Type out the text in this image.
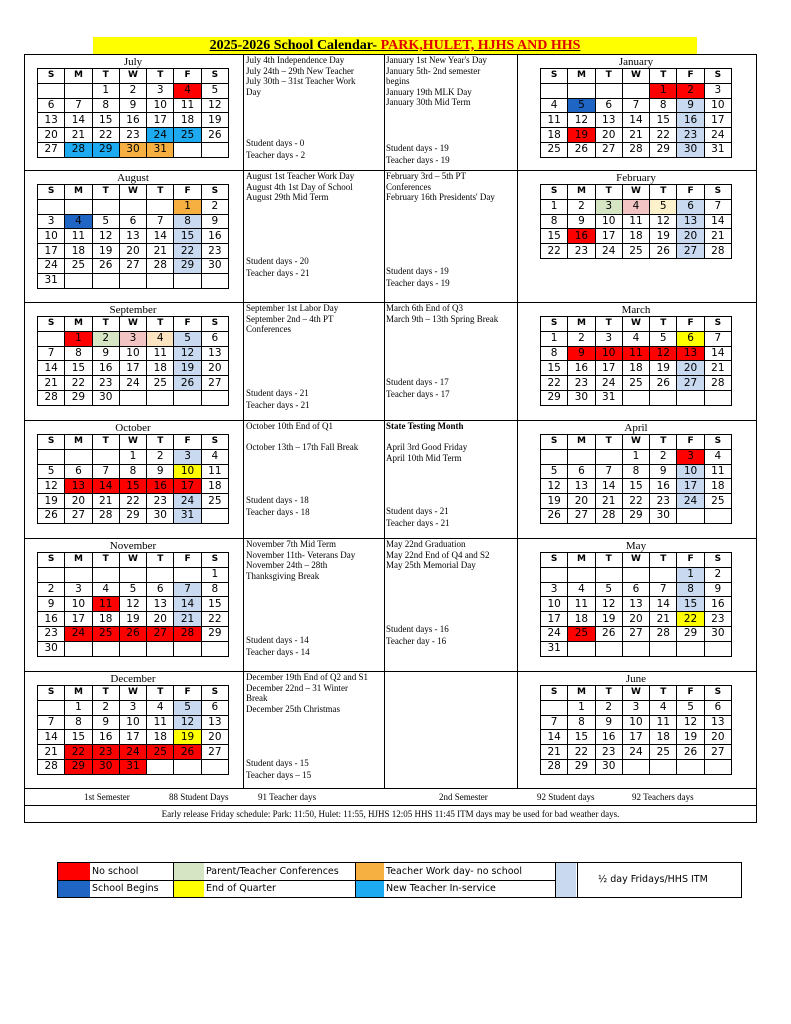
2025-2026 School Calendar- PARK,HULET, HJHS AND HHS
July
S	M	T	W	T	F	S
		1	2	3	4	5
6	7	8	9	10	11	12
13	14	15	16	17	18	19
20	21	22	23	24	25	26
27	28	29	30	31		
August
S	M	T	W	T	F	S
					1	2
3	4	5	6	7	8	9
10	11	12	13	14	15	16
17	18	19	20	21	22	23
24	25	26	27	28	29	30
31						
September
S	M	T	W	T	F	S
	1	2	3	4	5	6
7	8	9	10	11	12	13
14	15	16	17	18	19	20
21	22	23	24	25	26	27
28	29	30				
October
S	M	T	W	T	F	S
			1	2	3	4
5	6	7	8	9	10	11
12	13	14	15	16	17	18
19	20	21	22	23	24	25
26	27	28	29	30	31	
November
S	M	T	W	T	F	S
						1
2	3	4	5	6	7	8
9	10	11	12	13	14	15
16	17	18	19	20	21	22
23	24	25	26	27	28	29
30						
December
S	M	T	W	T	F	S
	1	2	3	4	5	6
7	8	9	10	11	12	13
14	15	16	17	18	19	20
21	22	23	24	25	26	27
28	29	30	31			
January
S	M	T	W	T	F	S
				1	2	3
4	5	6	7	8	9	10
11	12	13	14	15	16	17
18	19	20	21	22	23	24
25	26	27	28	29	30	31
February
S	M	T	W	T	F	S
1	2	3	4	5	6	7
8	9	10	11	12	13	14
15	16	17	18	19	20	21
22	23	24	25	26	27	28
March
S	M	T	W	T	F	S
1	2	3	4	5	6	7
8	9	10	11	12	13	14
15	16	17	18	19	20	21
22	23	24	25	26	27	28
29	30	31				
April
S	M	T	W	T	F	S
			1	2	3	4
5	6	7	8	9	10	11
12	13	14	15	16	17	18
19	20	21	22	23	24	25
26	27	28	29	30		
May
S	M	T	W	T	F	S
					1	2
3	4	5	6	7	8	9
10	11	12	13	14	15	16
17	18	19	20	21	22	23
24	25	26	27	28	29	30
31						
June
S	M	T	W	T	F	S
	1	2	3	4	5	6
7	8	9	10	11	12	13
14	15	16	17	18	19	20
21	22	23	24	25	26	27
28	29	30				
July 4th Independence Day
July 24th – 29th New Teacher
July 30th – 31st Teacher Work
Day
Student days - 0
Teacher days - 2
August 1st Teacher Work Day
August 4th 1st Day of School
August 29th Mid Term
Student days - 20
Teacher days - 21
September 1st Labor Day
September 2nd – 4th PT
Conferences
Student days - 21
Teacher days - 21
October 10th End of Q1

October 13th – 17th Fall Break
Student days - 18
Teacher days - 18
November 7th Mid Term
November 11th- Veterans Day
November 24th – 28th
Thanksgiving Break
Student days - 14
Teacher days - 14
December 19th End of Q2 and S1
December 22nd – 31 Winter
Break
December 25th Christmas
Student days - 15
Teacher days – 15
January 1st New Year's Day
January 5th- 2nd semester
begins
January 19th MLK Day
January 30th Mid Term
Student days - 19
Teacher days - 19
February 3rd – 5th PT
Conferences
February 16th Presidents' Day
Student days - 19
Teacher days - 19
March 6th End of Q3
March 9th – 13th Spring Break
Student days - 17
Teacher days - 17
State Testing Month

April 3rd Good Friday
April 10th Mid Term
Student days - 21
Teacher days - 21
May 22nd Graduation
May 22nd End of Q4 and S2
May 25th Memorial Day
Student days - 16
Teacher day - 16
1st Semester	88 Student Days	91 Teacher days	2nd Semester	92 Student days	92 Teachers days
Early release Friday schedule: Park: 11:50, Hulet: 11:55, HJHS 12:05 HHS 11:45 ITM days may be used for bad weather days.
No school
School Begins
Parent/Teacher Conferences
End of Quarter
Teacher Work day- no school
New Teacher In-service
½ day Fridays/HHS ITM
